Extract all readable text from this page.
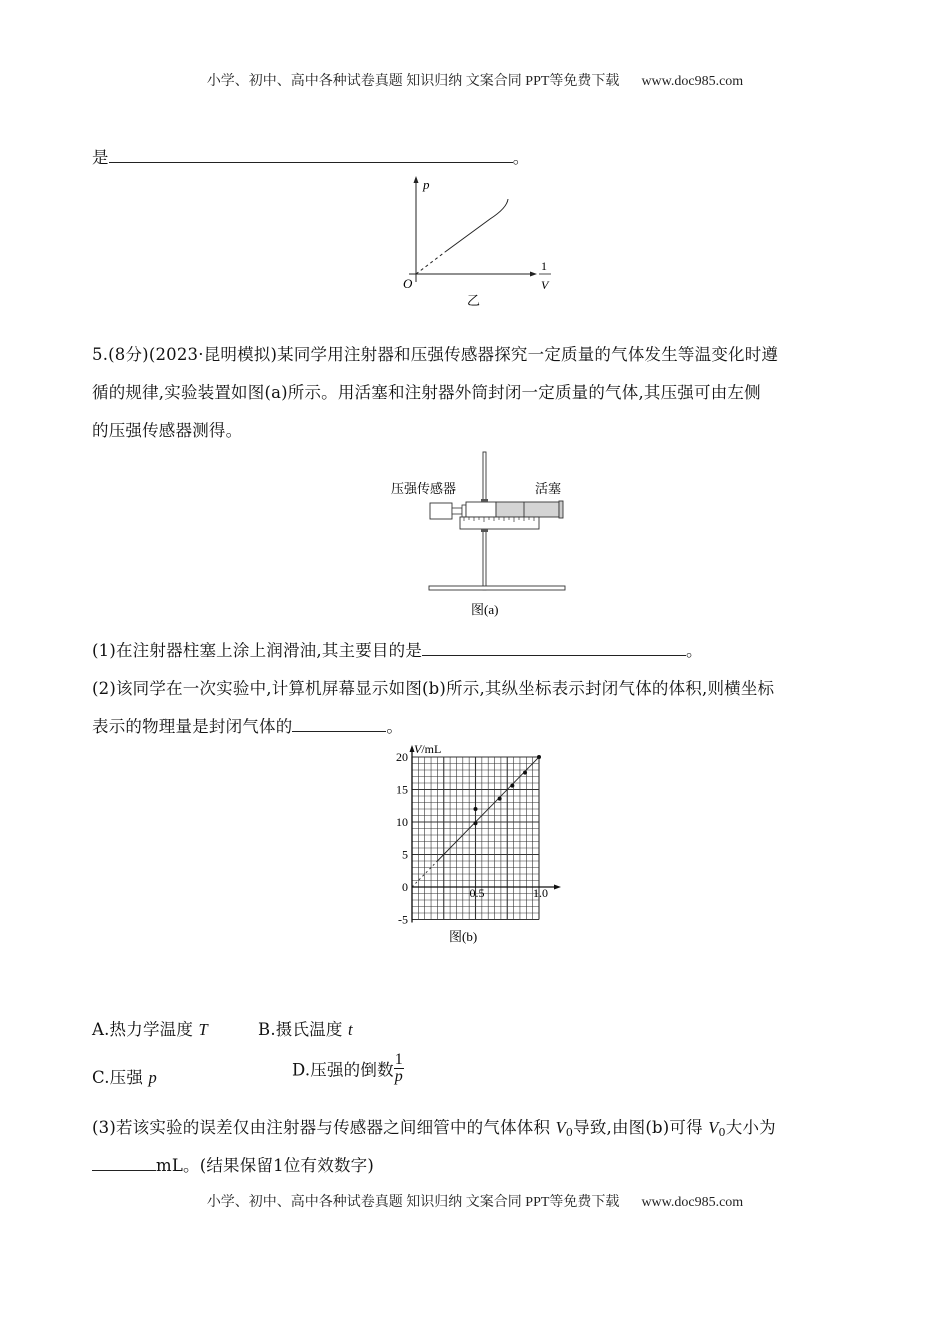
小学、初中、高中各种试卷真题 知识归纳 文案合同 PPT等免费下载 www.doc985.com
是	。
p
O
1
V
乙
5.(8分)(2023·昆明模拟)某同学用注射器和压强传感器探究一定质量的气体发生等温变化时遵
循的规律,实验装置如图(a)所示。用活塞和注射器外筒封闭一定质量的气体,其压强可由左侧
的压强传感器测得。
压强传感器	活塞
图(a)
(1)在注射器柱塞上涂上润滑油,其主要目的是	。
(2)该同学在一次实验中,计算机屏幕显示如图(b)所示,其纵坐标表示封闭气体的体积,则横坐标
表示的物理量是封闭气体的	。
V/mL
-5
0
5
10
15
20
0.5	1.0
图(b)
A.热力学温度 T	B.摄氏温度 t
C.压强 p	D.压强的倒数 $\frac{1}{p}$
(3)若该实验的误差仅由注射器与传感器之间细管中的气体体积 $V_0$导致,由图(b)可得 $V_0$大小为
mL。(结果保留1位有效数字)
小学、初中、高中各种试卷真题 知识归纳 文案合同 PPT等免费下载 www.doc985.com
